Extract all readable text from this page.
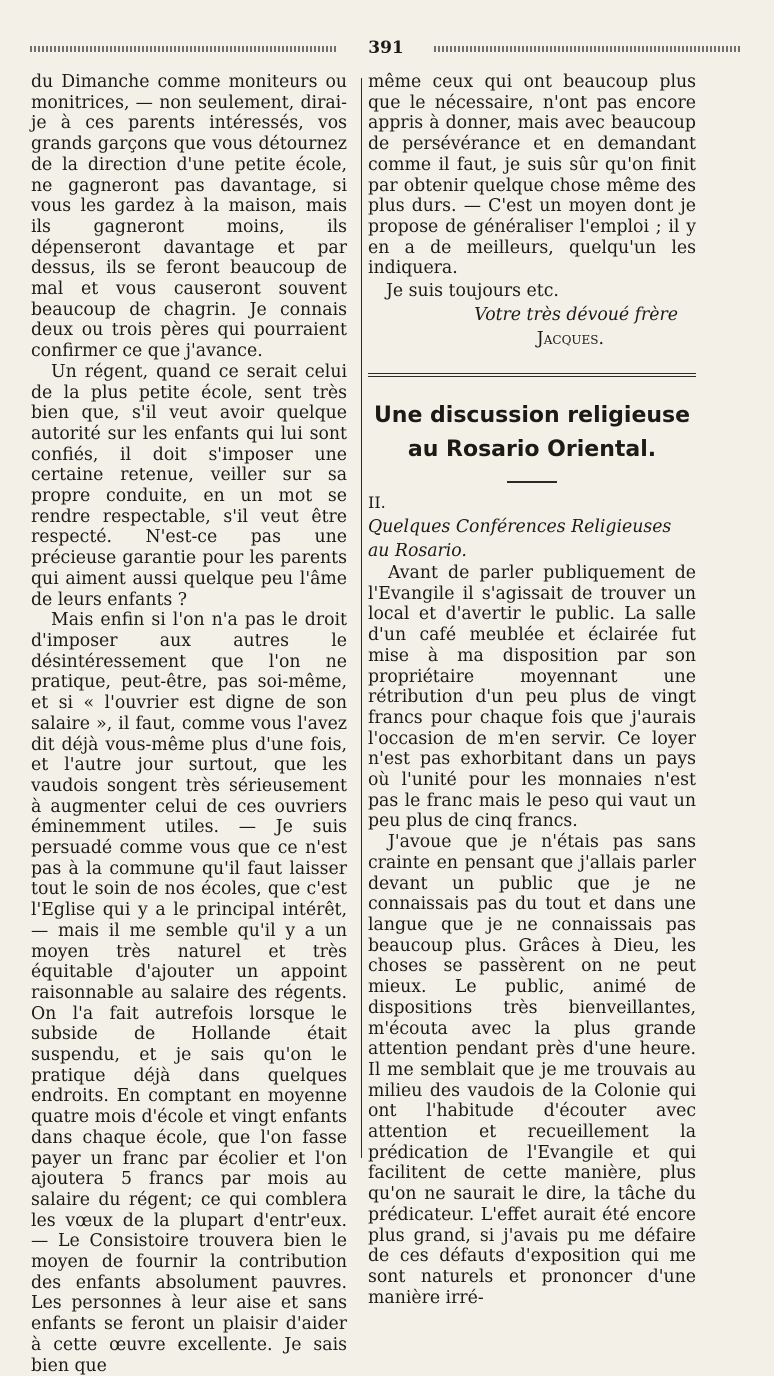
391

du Dimanche comme moniteurs ou monitrices, — non seulement, dirai-je à ces parents intéressés, vos grands garçons que vous détournez de la direction d'une petite école, ne gagneront pas davantage, si vous les gardez à la maison, mais ils gagneront moins, ils dépenseront davantage et par dessus, ils se feront beaucoup de mal et vous causeront souvent beaucoup de chagrin. Je connais deux ou trois pères qui pourraient confirmer ce que j'avance.

Un régent, quand ce serait celui de la plus petite école, sent très bien que, s'il veut avoir quelque autorité sur les enfants qui lui sont confiés, il doit s'imposer une certaine retenue, veiller sur sa propre conduite, en un mot se rendre respectable, s'il veut être respecté. N'est-ce pas une précieuse garantie pour les parents qui aiment aussi quelque peu l'âme de leurs enfants ?

Mais enfin si l'on n'a pas le droit d'imposer aux autres le désintéressement que l'on ne pratique, peut-être, pas soi-même, et si « l'ouvrier est digne de son salaire », il faut, comme vous l'avez dit déjà vous-même plus d'une fois, et l'autre jour surtout, que les vaudois songent très sérieusement à augmenter celui de ces ouvriers éminemment utiles. — Je suis persuadé comme vous que ce n'est pas à la commune qu'il faut laisser tout le soin de nos écoles, que c'est l'Eglise qui y a le principal intérêt, — mais il me semble qu'il y a un moyen très naturel et très équitable d'ajouter un appoint raisonnable au salaire des régents. On l'a fait autrefois lorsque le subside de Hollande était suspendu, et je sais qu'on le pratique déjà dans quelques endroits. En comptant en moyenne quatre mois d'école et vingt enfants dans chaque école, que l'on fasse payer un franc par écolier et l'on ajoutera 5 francs par mois au salaire du régent; ce qui comblera les vœux de la plupart d'entr'eux. — Le Consistoire trouvera bien le moyen de fournir la contribution des enfants absolument pauvres. Les personnes à leur aise et sans enfants se feront un plaisir d'aider à cette œuvre excellente. Je sais bien que

même ceux qui ont beaucoup plus que le nécessaire, n'ont pas encore appris à donner, mais avec beaucoup de persévérance et en demandant comme il faut, je suis sûr qu'on finit par obtenir quelque chose même des plus durs. — C'est un moyen dont je propose de généraliser l'emploi ; il y en a de meilleurs, quelqu'un les indiquera.

Je suis toujours etc.

Votre très dévoué frère

Jacques.

Une discussion religieuse
au Rosario Oriental.

II.

Quelques Conférences Religieuses

au Rosario.

Avant de parler publiquement de l'Evangile il s'agissait de trouver un local et d'avertir le public. La salle d'un café meublée et éclairée fut mise à ma disposition par son propriétaire moyennant une rétribution d'un peu plus de vingt francs pour chaque fois que j'aurais l'occasion de m'en servir. Ce loyer n'est pas exhorbitant dans un pays où l'unité pour les monnaies n'est pas le franc mais le peso qui vaut un peu plus de cinq francs.

J'avoue que je n'étais pas sans crainte en pensant que j'allais parler devant un public que je ne connaissais pas du tout et dans une langue que je ne connaissais pas beaucoup plus. Grâces à Dieu, les choses se passèrent on ne peut mieux. Le public, animé de dispositions très bienveillantes, m'écouta avec la plus grande attention pendant près d'une heure. Il me semblait que je me trouvais au milieu des vaudois de la Colonie qui ont l'habitude d'écouter avec attention et recueillement la prédication de l'Evangile et qui facilitent de cette manière, plus qu'on ne saurait le dire, la tâche du prédicateur. L'effet aurait été encore plus grand, si j'avais pu me défaire de ces défauts d'exposition qui me sont naturels et prononcer d'une manière irré-
